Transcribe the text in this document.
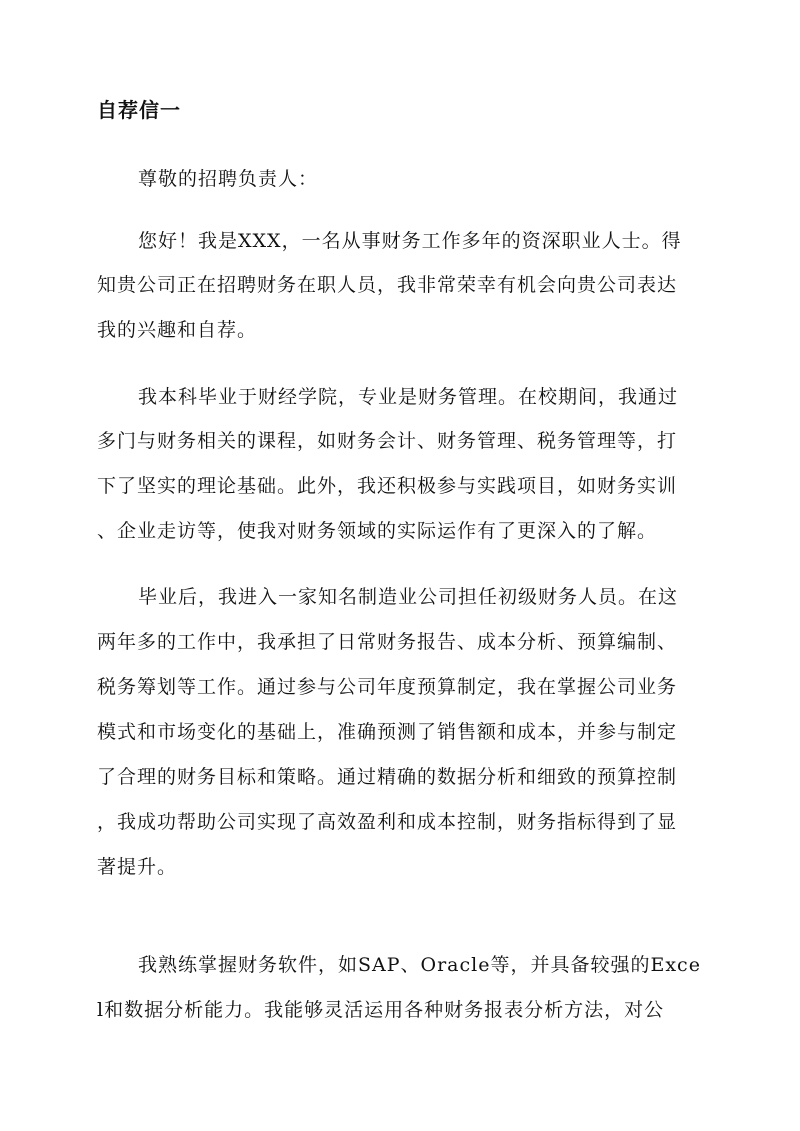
自荐信一
尊敬的招聘负责人：
您好！我是XXX，一名从事财务工作多年的资深职业人士。得
知贵公司正在招聘财务在职人员，我非常荣幸有机会向贵公司表达
我的兴趣和自荐。
我本科毕业于财经学院，专业是财务管理。在校期间，我通过
多门与财务相关的课程，如财务会计、财务管理、税务管理等，打
下了坚实的理论基础。此外，我还积极参与实践项目，如财务实训
、企业走访等，使我对财务领域的实际运作有了更深入的了解。
毕业后，我进入一家知名制造业公司担任初级财务人员。在这
两年多的工作中，我承担了日常财务报告、成本分析、预算编制、
税务筹划等工作。通过参与公司年度预算制定，我在掌握公司业务
模式和市场变化的基础上，准确预测了销售额和成本，并参与制定
了合理的财务目标和策略。通过精确的数据分析和细致的预算控制
，我成功帮助公司实现了高效盈利和成本控制，财务指标得到了显
著提升。
我熟练掌握财务软件，如SAP、Oracle等，并具备较强的Exce
l和数据分析能力。我能够灵活运用各种财务报表分析方法，对公
